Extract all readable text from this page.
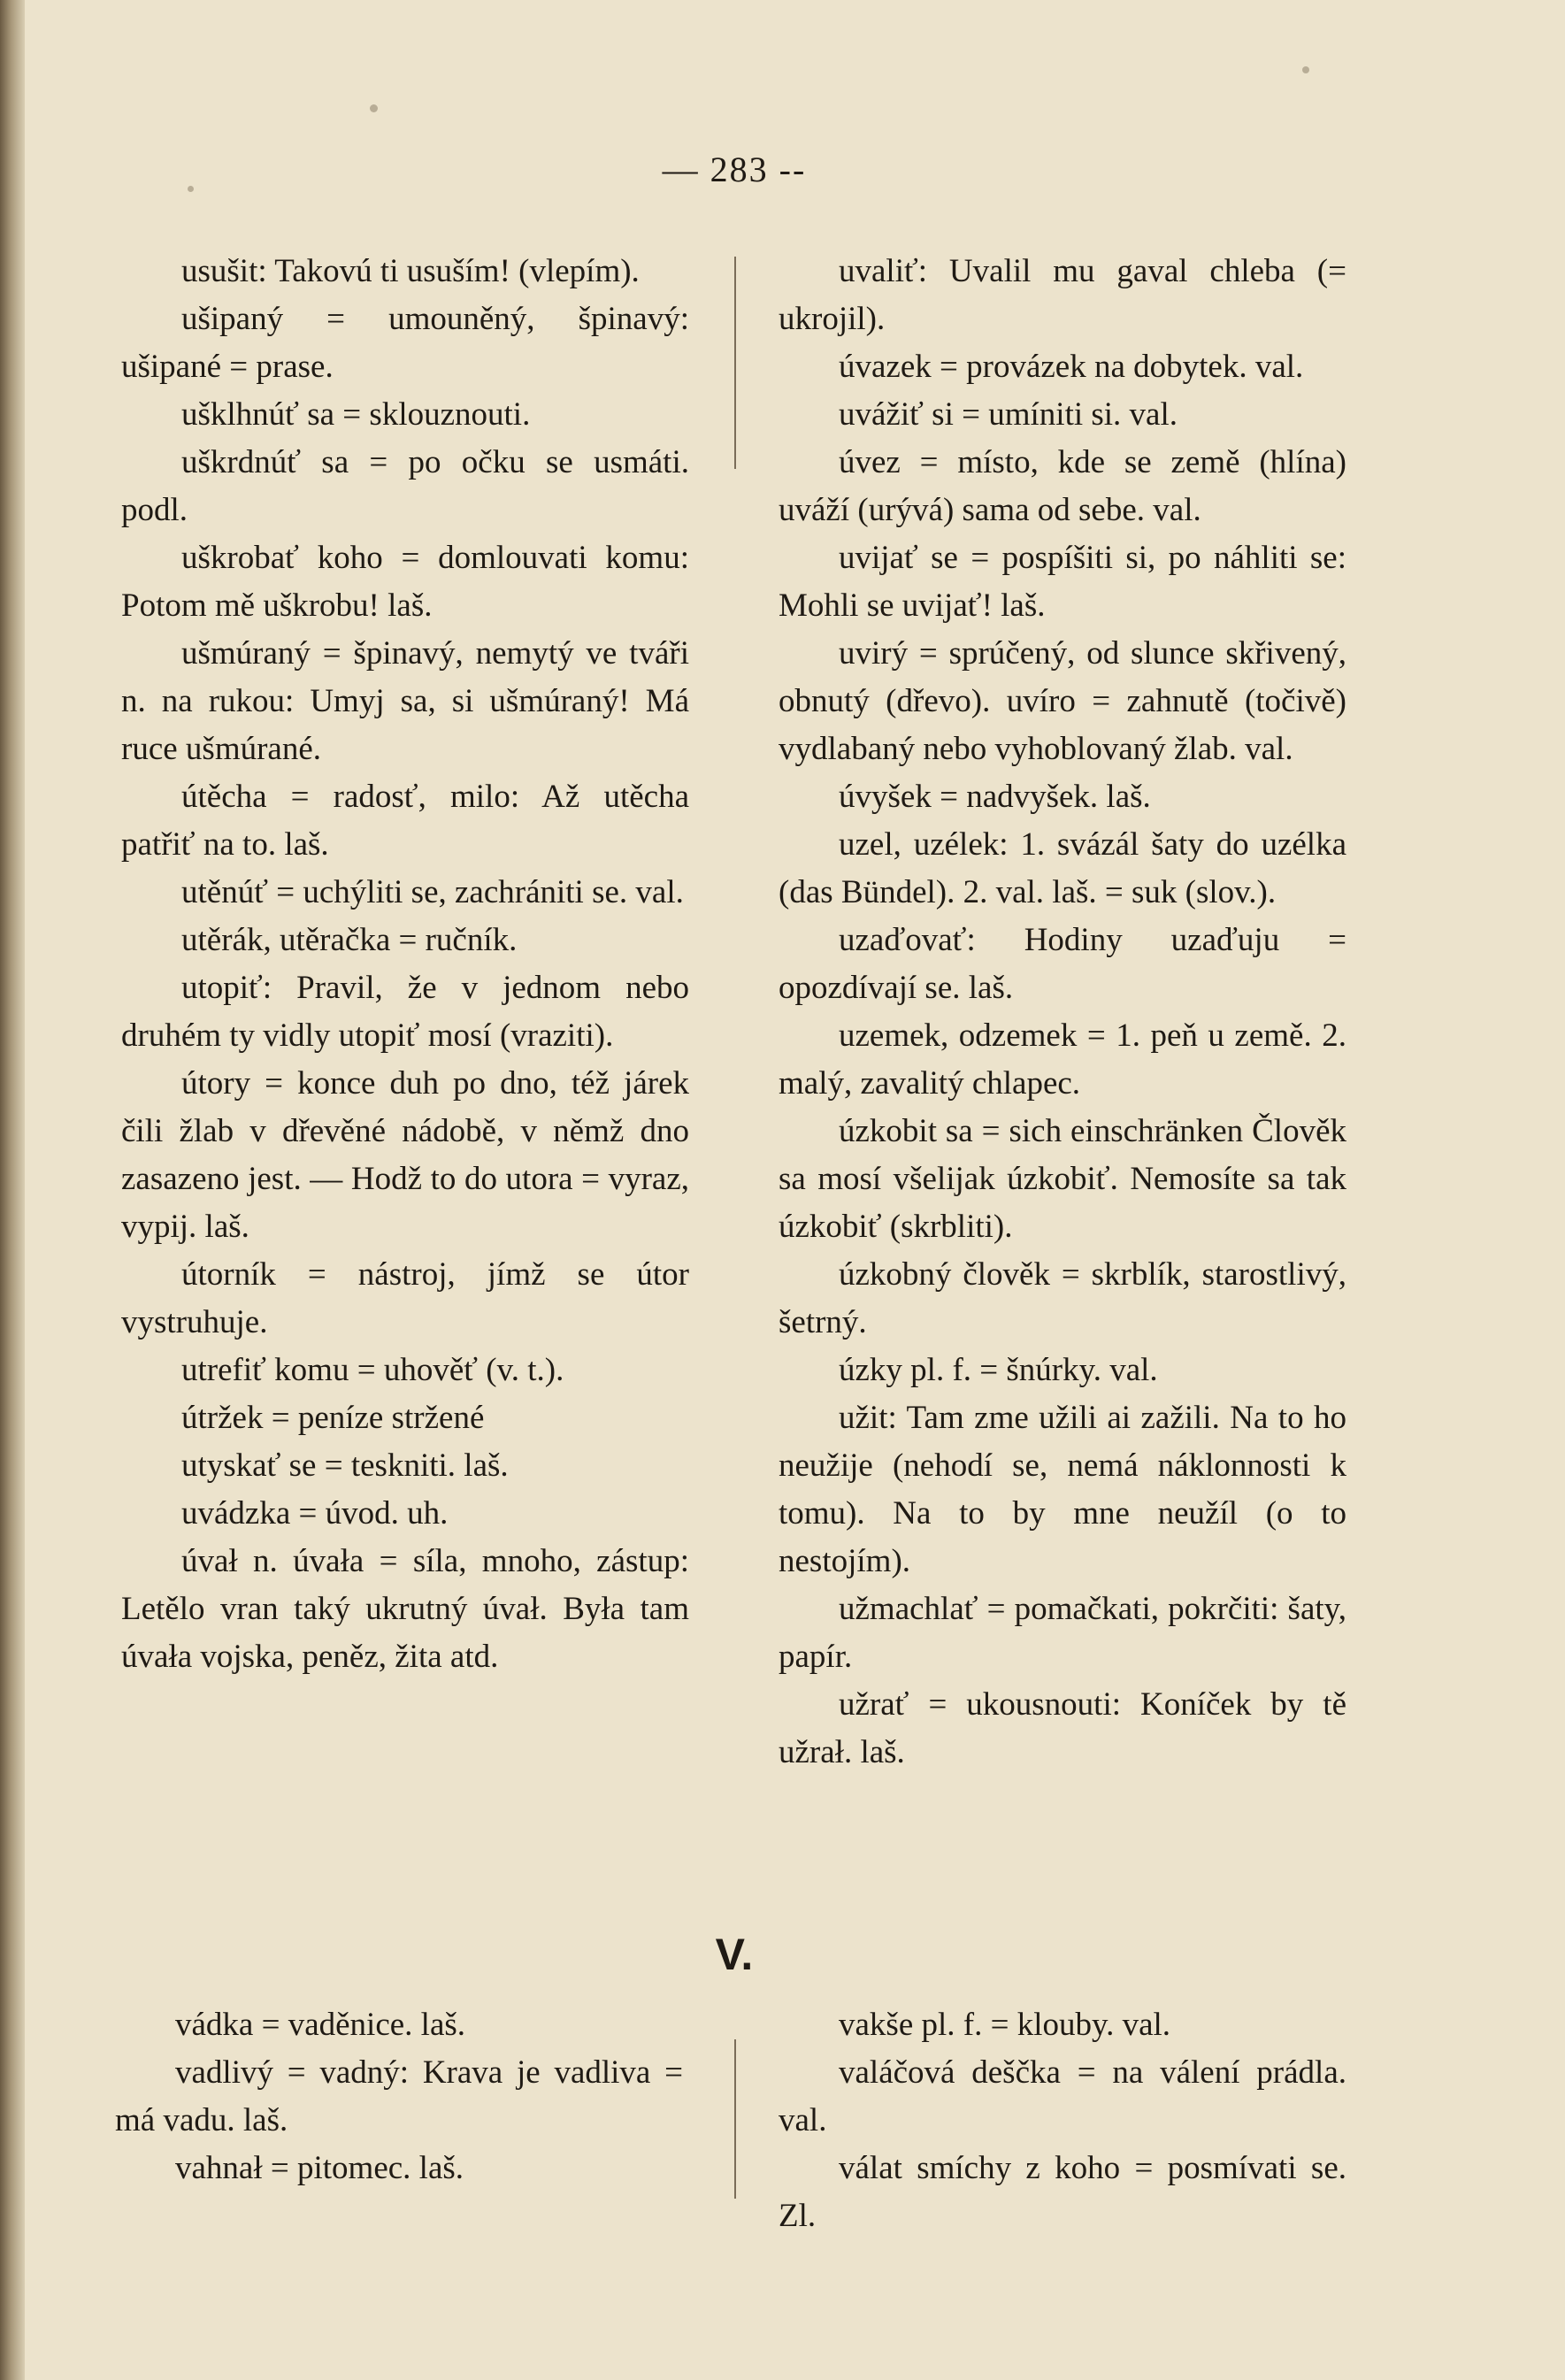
— 283 --

usušit: Takovú ti usuším! (vlepím).

ušipaný = umouněný, špinavý: ušipané = prase.

ušklhnúť sa = sklouznouti.

uškrdnúť sa = po očku se usmáti. podl.

uškrobať koho = domlouvati komu: Potom mě uškrobu! laš.

ušmúraný = špinavý, nemytý ve tváři n. na rukou: Umyj sa, si ušmúraný! Má ruce ušmúrané.

útěcha = radosť, milo: Až utěcha patřiť na to. laš.

utěnúť = uchýliti se, zachrániti se. val.

utěrák, utěračka = ručník.

utopiť: Pravil, že v jednom nebo druhém ty vidly utopiť mosí (vraziti).

útory = konce duh po dno, též járek čili žlab v dřevěné nádobě, v němž dno zasazeno jest. — Hodž to do utora = vyraz, vypij. laš.

útorník = nástroj, jímž se útor vystruhuje.

utrefiť komu = uhověť (v. t.).

útržek = peníze stržené

utyskať se = teskniti. laš.

uvádzka = úvod. uh.

úvał n. úvała = síla, mnoho, zástup: Letělo vran taký ukrutný úvał. Była tam úvała vojska, peněz, žita atd.

uvaliť: Uvalil mu gaval chleba (= ukrojil).

úvazek = provázek na dobytek. val.

uvážiť si = umíniti si. val.

úvez = místo, kde se země (hlína) uváží (urývá) sama od sebe. val.

uvijať se = pospíšiti si, po náhliti se: Mohli se uvijať! laš.

uvirý = sprúčený, od slunce skřivený, obnutý (dřevo). uvíro = zahnutě (točivě) vydlabaný nebo vyhoblovaný žlab. val.

úvyšek = nadvyšek. laš.

uzel, uzélek: 1. svázál šaty do uzélka (das Bündel). 2. val. laš. = suk (slov.).

uzaďovať: Hodiny uzaďuju = opozdívají se. laš.

uzemek, odzemek = 1. peň u země. 2. malý, zavalitý chlapec.

úzkobit sa = sich einschränken Člověk sa mosí všelijak úzkobiť. Nemosíte sa tak úzkobiť (skrbliti).

úzkobný člověk = skrblík, starostlivý, šetrný.

úzky pl. f. = šnúrky. val.

užit: Tam zme užili ai zažili. Na to ho neužije (nehodí se, nemá náklonnosti k tomu). Na to by mne neužíl (o to nestojím).

užmachlať = pomačkati, pokrčiti: šaty, papír.

užrať = ukousnouti: Koníček by tě užrał. laš.

V.

vádka = vaděnice. laš.

vadlivý = vadný: Krava je vadliva = má vadu. laš.

vahnał = pitomec. laš.

vakše pl. f. = klouby. val.

valáčová deščka = na válení prádla. val.

válat smíchy z koho = posmívati se. Zl.
